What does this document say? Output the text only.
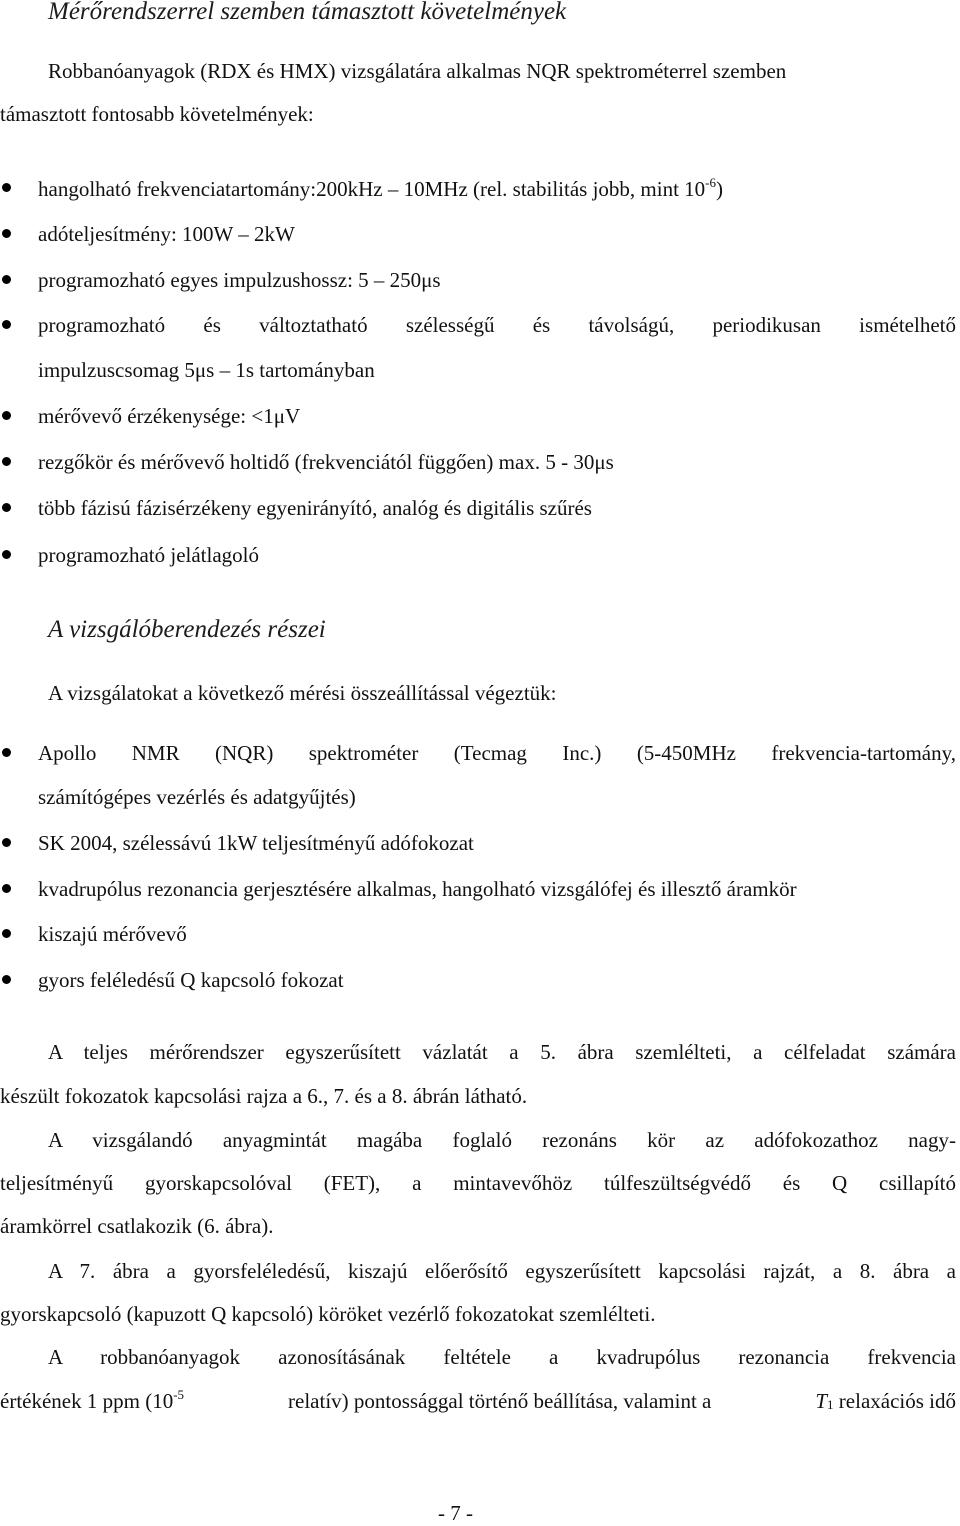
Mérőrendszerrel szemben támasztott követelmények
Robbanóanyagok (RDX és HMX) vizsgálatára alkalmas NQR spektrométerrel szemben
támasztott fontosabb követelmények:
hangolható frekvenciatartomány:200kHz – 10MHz (rel. stabilitás jobb, mint $10^{-6}$)
adóteljesítmény: 100W – 2kW
programozható egyes impulzushossz: 5 – 250μs
programozható és változtatható szélességű és távolságú, periodikusan ismételhető
impulzuscsomag 5μs – 1s tartományban
mérővevő érzékenysége: <1μV
rezgőkör és mérővevő holtidő (frekvenciától függően) max. 5 - 30μs
több fázisú fázisérzékeny egyenirányító, analóg és digitális szűrés
programozható jelátlagoló
A vizsgálóberendezés részei
A vizsgálatokat a következő mérési összeállítással végeztük:
Apollo NMR (NQR) spektrométer (Tecmag Inc.) (5-450MHz frekvencia-tartomány,
számítógépes vezérlés és adatgyűjtés)
SK 2004, szélessávú 1kW teljesítményű adófokozat
kvadrupólus rezonancia gerjesztésére alkalmas, hangolható vizsgálófej és illesztő áramkör
kiszajú mérővevő
gyors feléledésű Q kapcsoló fokozat
A teljes mérőrendszer egyszerűsített vázlatát a 5. ábra szemlélteti, a célfeladat számára
készült fokozatok kapcsolási rajza a 6., 7. és a 8. ábrán látható.
A vizsgálandó anyagmintát magába foglaló rezonáns kör az adófokozathoz nagy-
teljesítményű gyorskapcsolóval (FET), a mintavevőhöz túlfeszültségvédő és Q csillapító
áramkörrel csatlakozik (6. ábra).
A 7. ábra a gyorsfeléledésű, kiszajú előerősítő egyszerűsített kapcsolási rajzát, a 8. ábra a
gyorskapcsoló (kapuzott Q kapcsoló) köröket vezérlő fokozatokat szemlélteti.
A robbanóanyagok azonosításának feltétele a kvadrupólus rezonancia frekvencia
értékének 1 ppm ($10^{-5}$	relatív) pontossággal történő beállítása, valamint a	$T_1$ relaxációs idő
- 7 -
